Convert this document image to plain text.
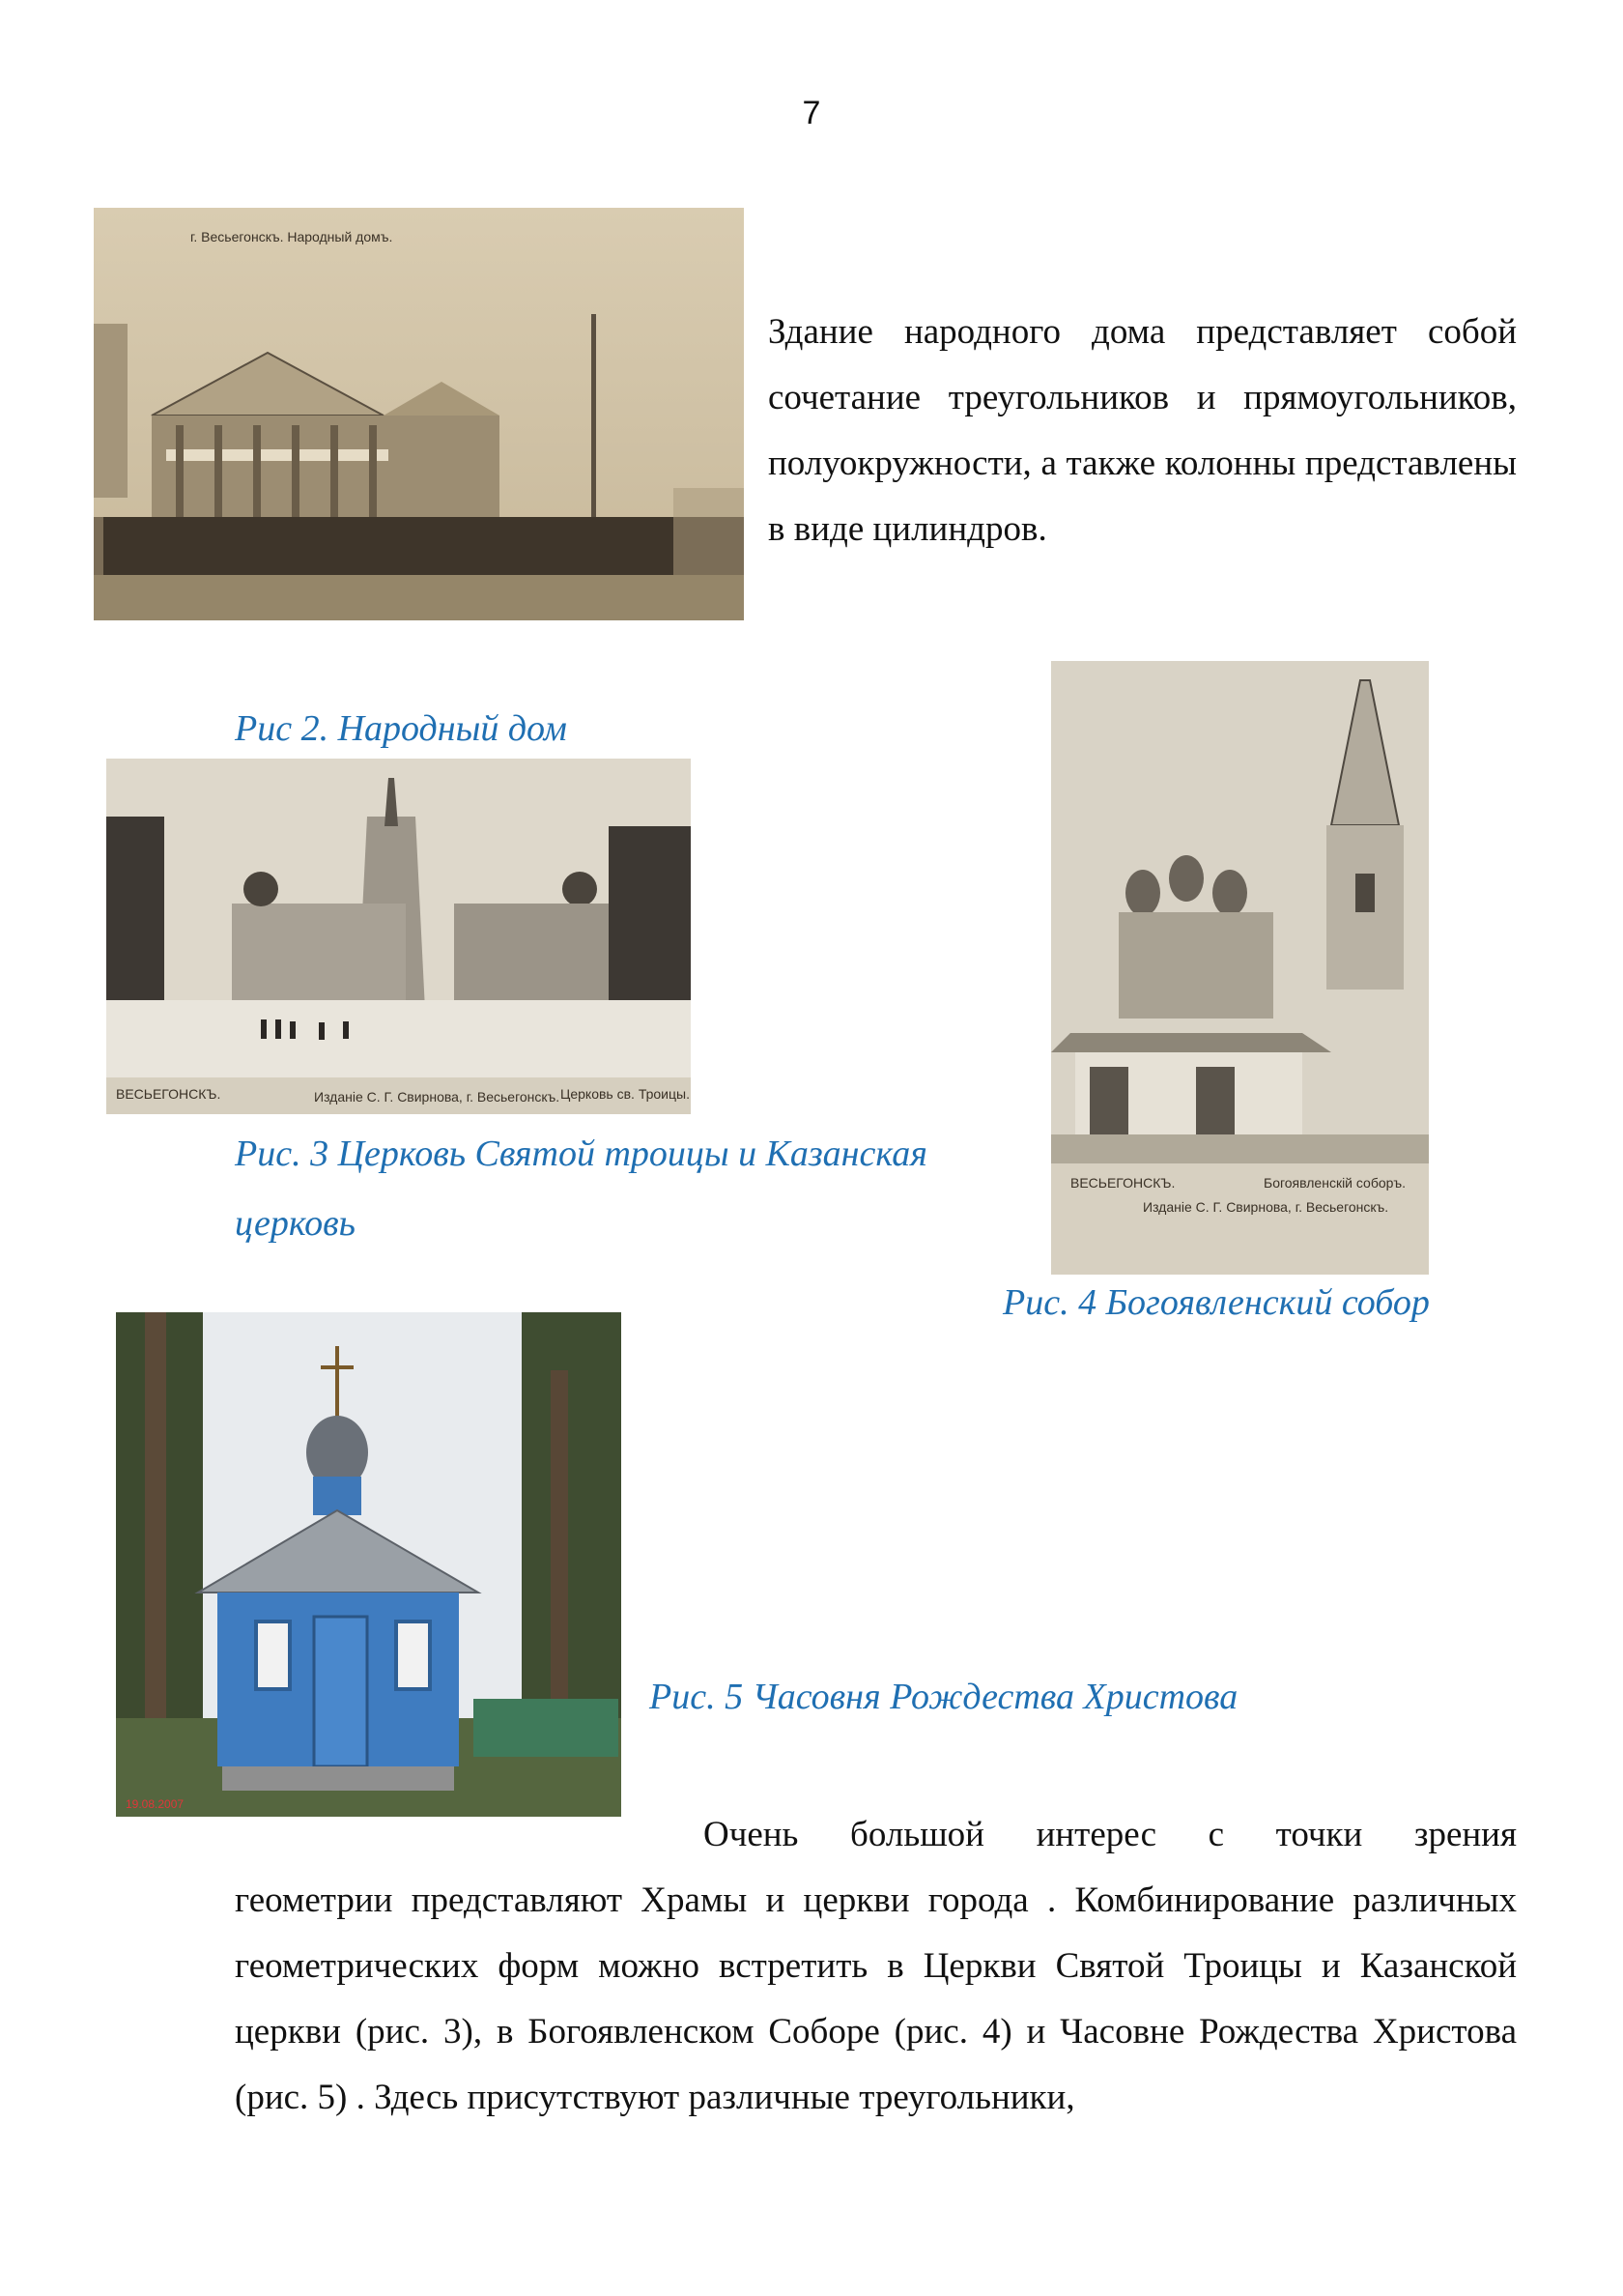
7
г. Весьегонскъ. Народный домъ.
Здание народного дома представляет собой сочетание треугольников и прямоугольников, полуокружности, а также колонны представлены в виде цилиндров.
Рис 2. Народный дом
ВЕСЬЕГОНСКЪ.	Изданіе С. Г. Свирнова, г. Весьегонскъ. Церковь св. Троицы.
Рис. 3 Церковь Святой троицы и Казанская
церковь
ВЕСЬЕГОНСКЪ.	Богоявленскій соборъ.
Изданіе С. Г. Свирнова, г. Весьегонскъ.
Рис. 4 Богоявленский собор
19.08.2007
Рис. 5 Часовня Рождества Христова
Очень большой интерес с точки зрения
геометрии представляют Храмы и церкви города . Комбинирование различных геометрических форм можно встретить в Церкви Святой Троицы и Казанской церкви (рис. 3), в Богоявленском Соборе (рис. 4) и Часовне Рождества Христова (рис. 5) . Здесь присутствуют различные треугольники,
